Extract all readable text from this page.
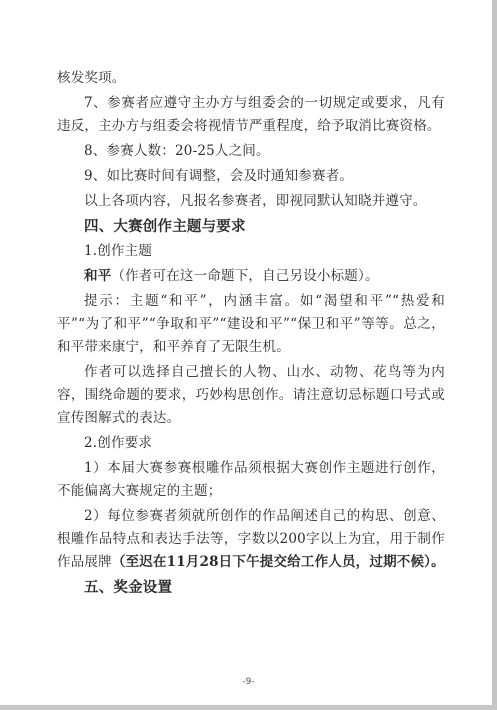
核发奖项。

7、参赛者应遵守主办方与组委会的一切规定或要求，凡有违反，主办方与组委会将视情节严重程度，给予取消比赛资格。

8、参赛人数：20-25人之间。

9、如比赛时间有调整，会及时通知参赛者。

以上各项内容，凡报名参赛者，即视同默认知晓并遵守。

四、大赛创作主题与要求

1.创作主题

和平（作者可在这一命题下，自己另设小标题）。

提示：主题“和平”，内涵丰富。如“渴望和平”“热爱和平”“为了和平”“争取和平”“建设和平”“保卫和平”等等。总之，和平带来康宁，和平养育了无限生机。

作者可以选择自己擅长的人物、山水、动物、花鸟等为内容，围绕命题的要求，巧妙构思创作。请注意切忌标题口号式或宣传图解式的表达。

2.创作要求

1）本届大赛参赛根雕作品须根据大赛创作主题进行创作，不能偏离大赛规定的主题；

2）每位参赛者须就所创作的作品阐述自己的构思、创意、根雕作品特点和表达手法等，字数以200字以上为宜，用于制作作品展牌（至迟在11月28日下午提交给工作人员，过期不候）。

五、奖金设置

-9-
